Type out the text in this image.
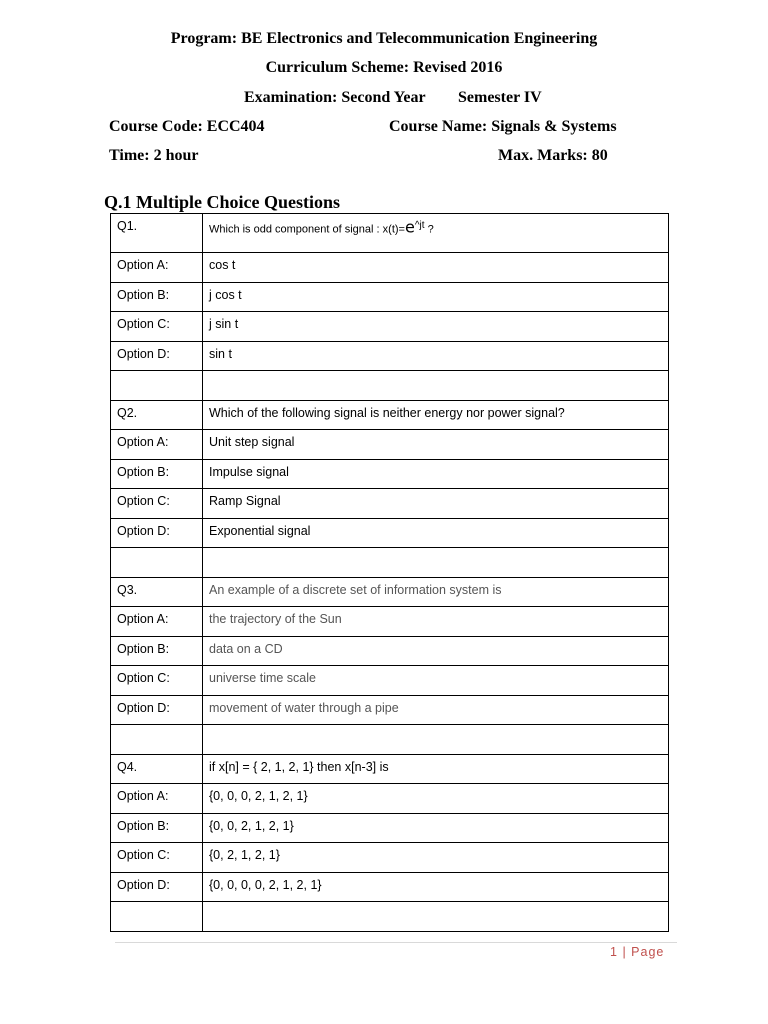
Program: BE Electronics and Telecommunication Engineering
Curriculum Scheme: Revised 2016
Examination: Second Year Semester IV
Course Code: ECC404	Course Name: Signals & Systems
Time: 2 hour	Max. Marks: 80
Q.1 Multiple Choice Questions
Q1.	Which is odd component of signal : $x(t)=e^{\^{}jt}$ ?
Option A:	cos t
Option B:	j cos t
Option C:	j sin t
Option D:	sin t

Q2.	Which of the following signal is neither energy nor power signal?
Option A:	Unit step signal
Option B:	Impulse signal
Option C:	Ramp Signal
Option D:	Exponential signal

Q3.	An example of a discrete set of information system is
Option A:	the trajectory of the Sun
Option B:	data on a CD
Option C:	universe time scale
Option D:	movement of water through a pipe

Q4.	if x[n] = { 2, 1, 2, 1} then x[n-3] is
Option A:	{0, 0, 0, 2, 1, 2, 1}
Option B:	{0, 0, 2, 1, 2, 1}
Option C:	{0, 2, 1, 2, 1}
Option D:	{0, 0, 0, 0, 2, 1, 2, 1}

1 | Page
